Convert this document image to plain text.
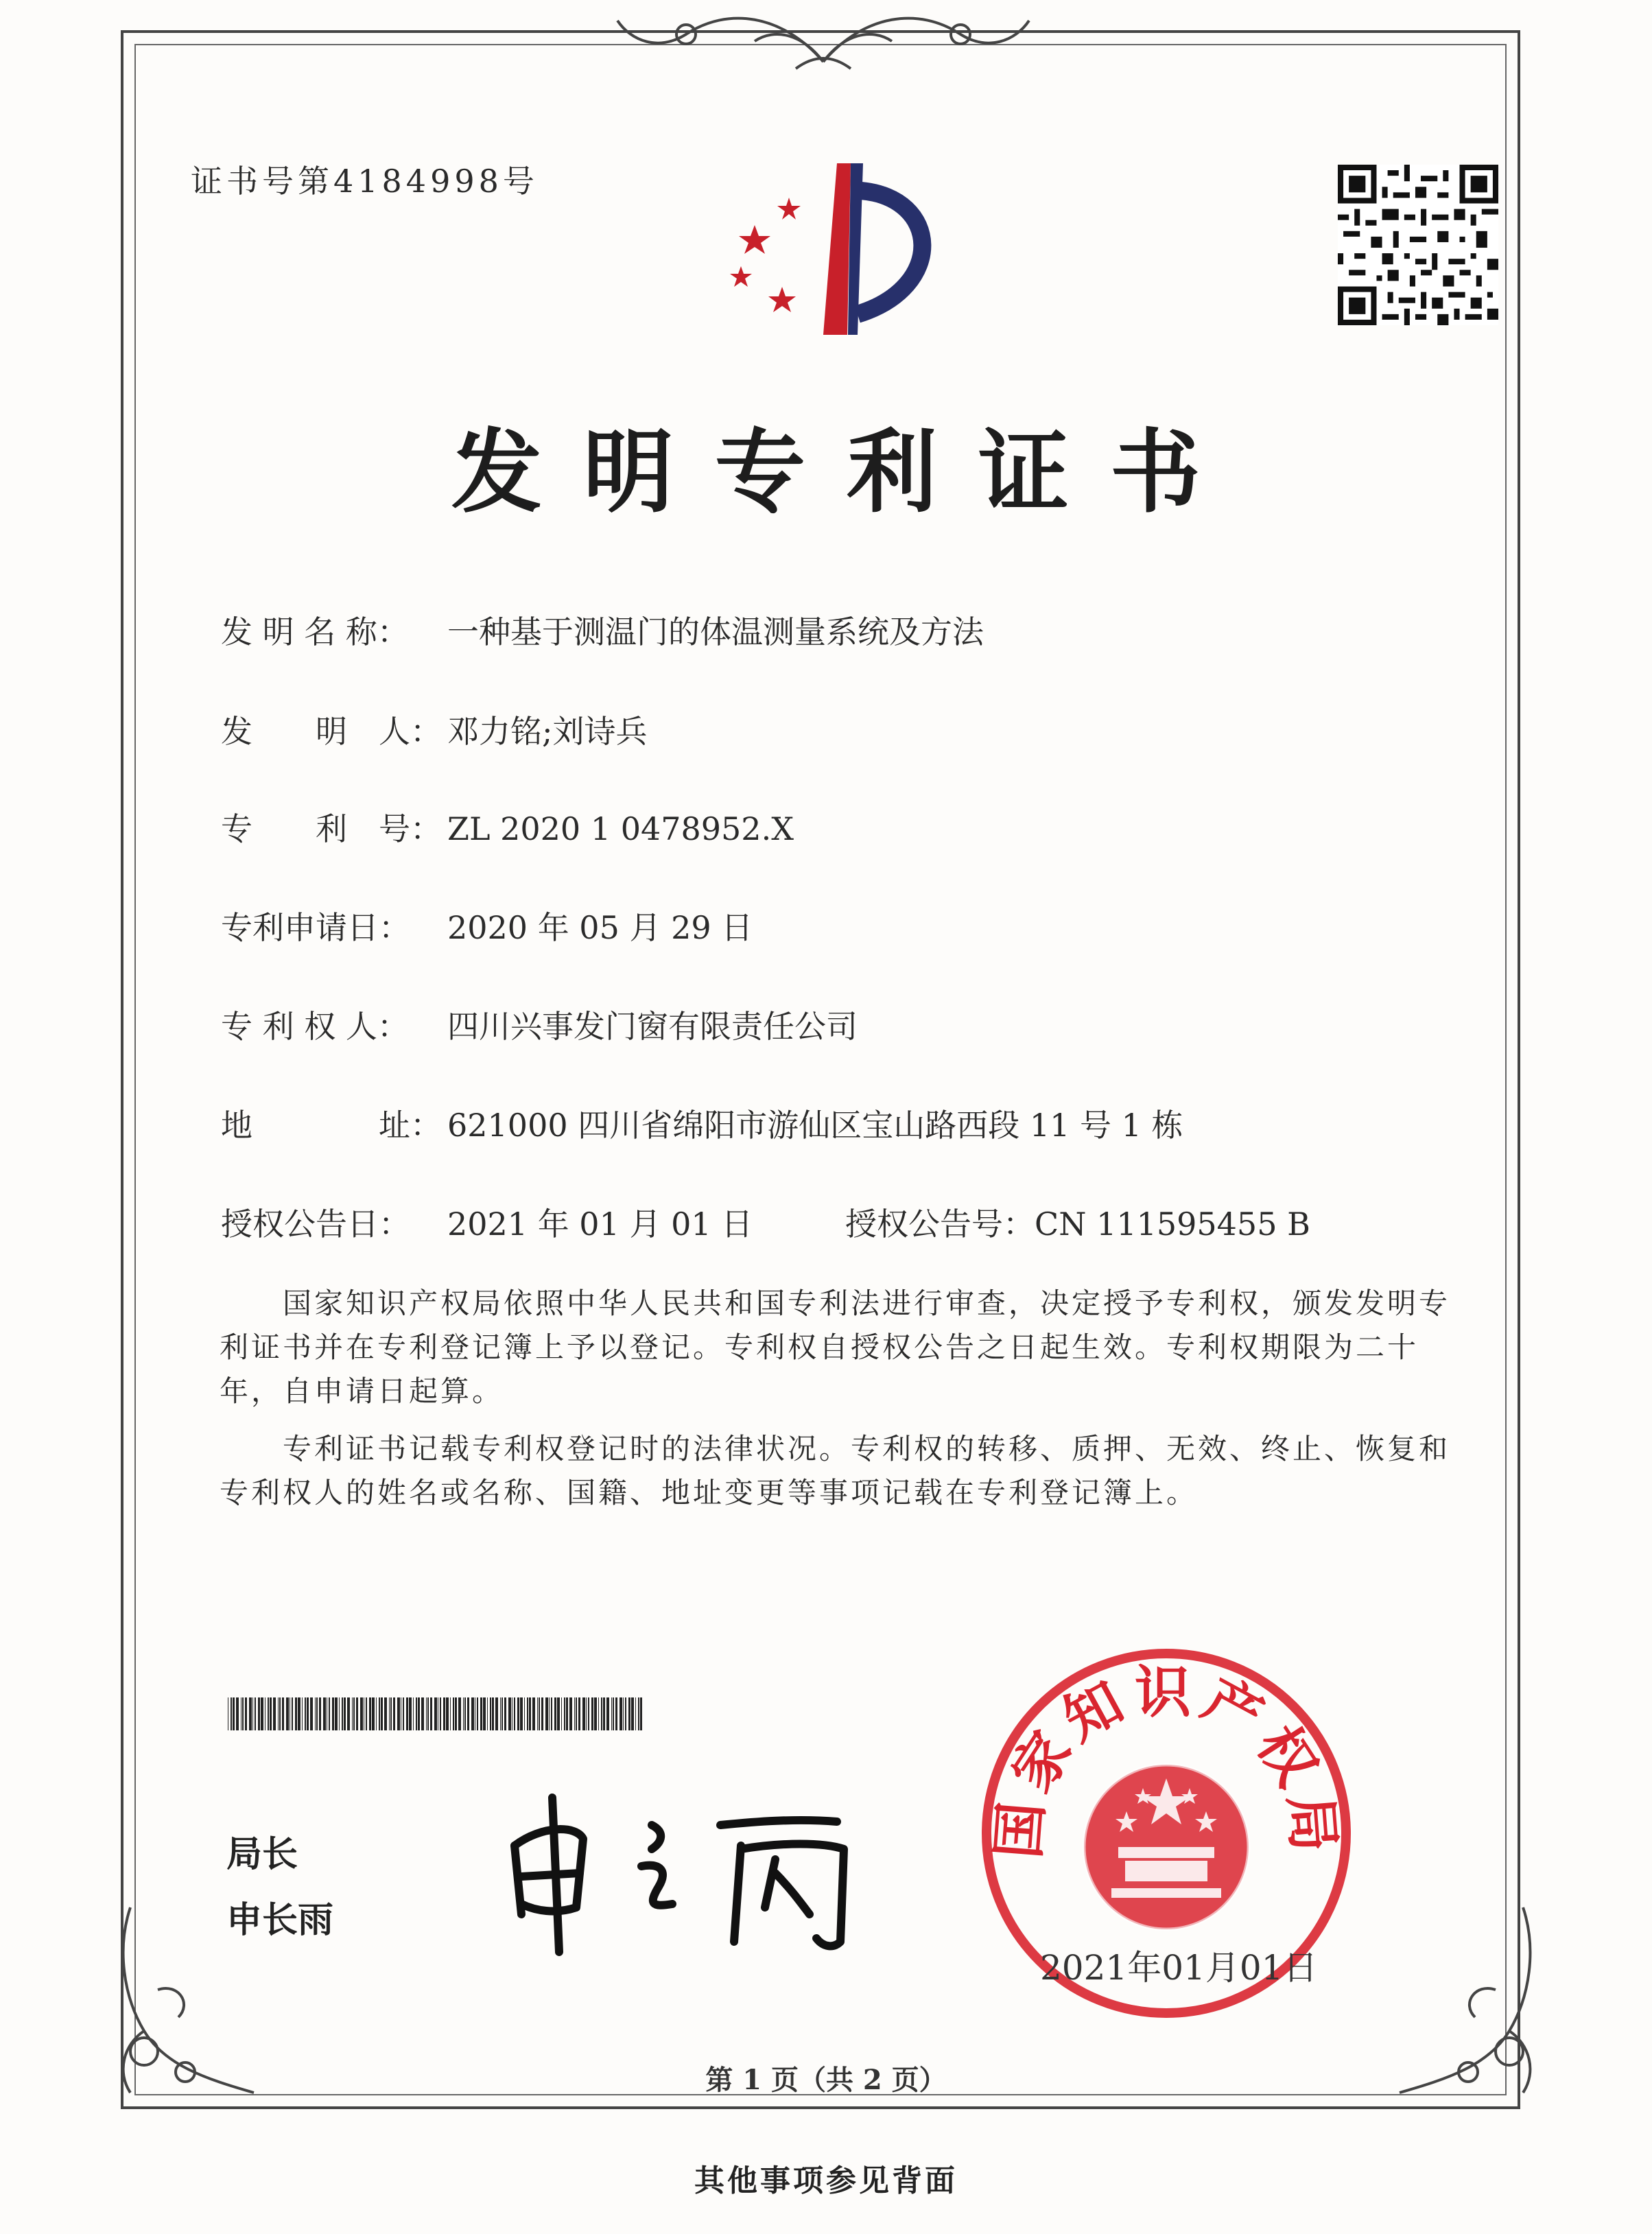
证书号第4184998号
发明专利证书
发 明 名 称： 一种基于测温门的体温测量系统及方法
发　　明　人： 邓力铭;刘诗兵
专　　利　号： ZL 2020 1 0478952.X
专利申请日： 2020 年 05 月 29 日
专 利 权 人： 四川兴事发门窗有限责任公司
地　　　　址： 621000 四川省绵阳市游仙区宝山路西段 11 号 1 栋
授权公告日： 2021 年 01 月 01 日	授权公告号：CN 111595455 B
　　国家知识产权局依照中华人民共和国专利法进行审查，决定授予专利权，颁发发明专利证书并在专利登记簿上予以登记。专利权自授权公告之日起生效。专利权期限为二十年，自申请日起算。
　　专利证书记载专利权登记时的法律状况。专利权的转移、质押、无效、终止、恢复和专利权人的姓名或名称、国籍、地址变更等事项记载在专利登记簿上。
局长
申长雨
国家知识产权局
2021年01月01日
第 1 页（共 2 页）
其他事项参见背面
